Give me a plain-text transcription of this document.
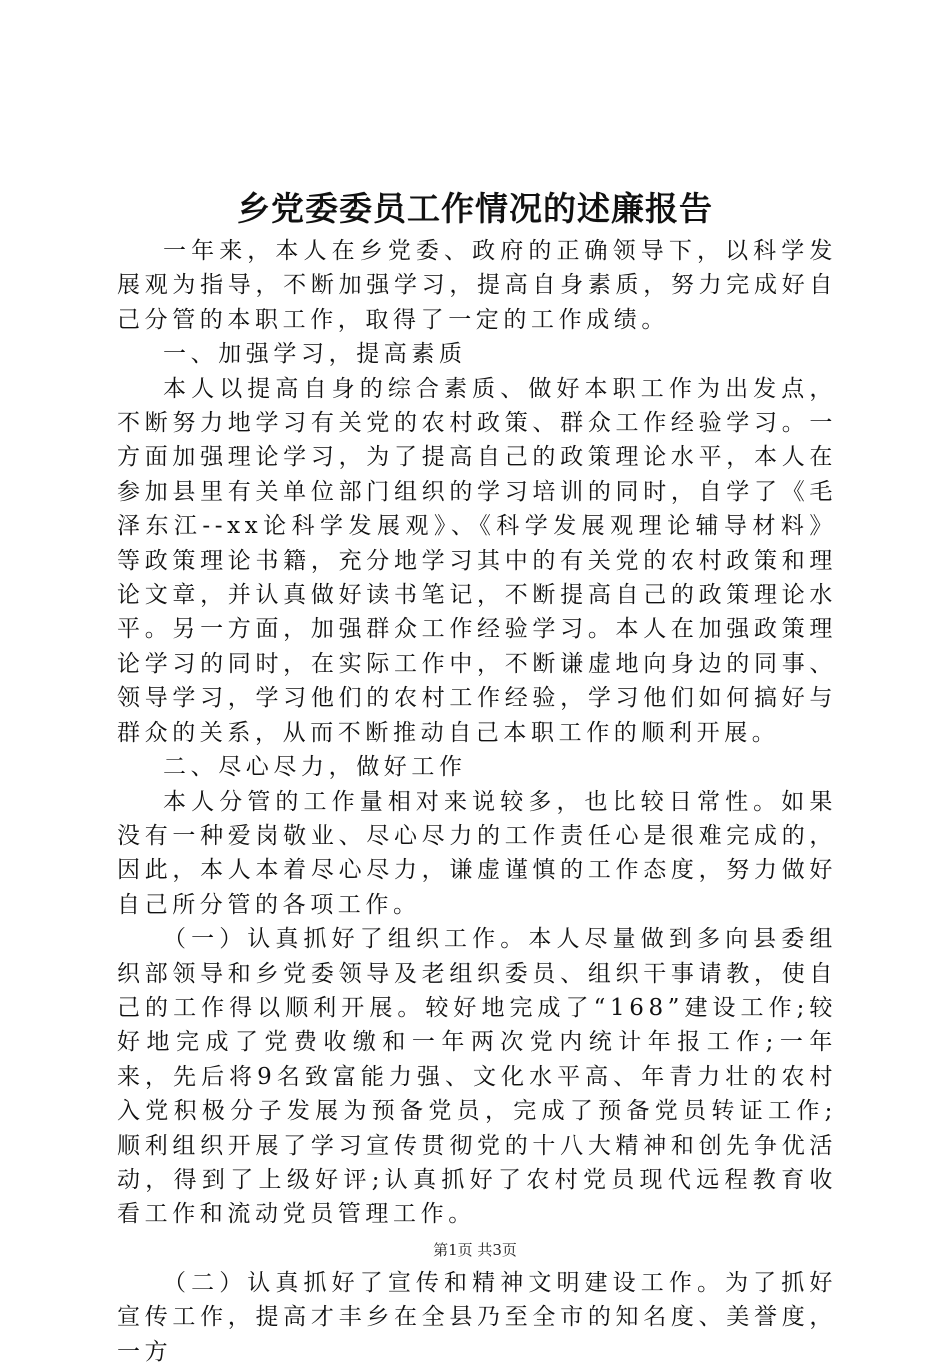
乡党委委员工作情况的述廉报告

一年来，本人在乡党委、政府的正确领导下，以科学发展观为指导，不断加强学习，提高自身素质，努力完成好自己分管的本职工作，取得了一定的工作成绩。

一、加强学习，提高素质

本人以提高自身的综合素质、做好本职工作为出发点，不断努力地学习有关党的农村政策、群众工作经验学习。一方面加强理论学习，为了提高自己的政策理论水平，本人在参加县里有关单位部门组织的学习培训的同时，自学了《毛泽东江--xx论科学发展观》、《科学发展观理论辅导材料》等政策理论书籍，充分地学习其中的有关党的农村政策和理论文章，并认真做好读书笔记，不断提高自己的政策理论水平。另一方面，加强群众工作经验学习。本人在加强政策理论学习的同时，在实际工作中，不断谦虚地向身边的同事、领导学习，学习他们的农村工作经验，学习他们如何搞好与群众的关系，从而不断推动自己本职工作的顺利开展。

二、尽心尽力，做好工作

本人分管的工作量相对来说较多，也比较日常性。如果没有一种爱岗敬业、尽心尽力的工作责任心是很难完成的，因此，本人本着尽心尽力，谦虚谨慎的工作态度，努力做好自己所分管的各项工作。

（一）认真抓好了组织工作。本人尽量做到多向县委组织部领导和乡党委领导及老组织委员、组织干事请教，使自己的工作得以顺利开展。较好地完成了“168”建设工作;较好地完成了党费收缴和一年两次党内统计年报工作;一年来，先后将9名致富能力强、文化水平高、年青力壮的农村入党积极分子发展为预备党员，完成了预备党员转证工作;顺利组织开展了学习宣传贯彻党的十八大精神和创先争优活动，得到了上级好评;认真抓好了农村党员现代远程教育收看工作和流动党员管理工作。

（二）认真抓好了宣传和精神文明建设工作。为了抓好宣传工作，提高才丰乡在全县乃至全市的知名度、美誉度，一方

第1页 共3页
